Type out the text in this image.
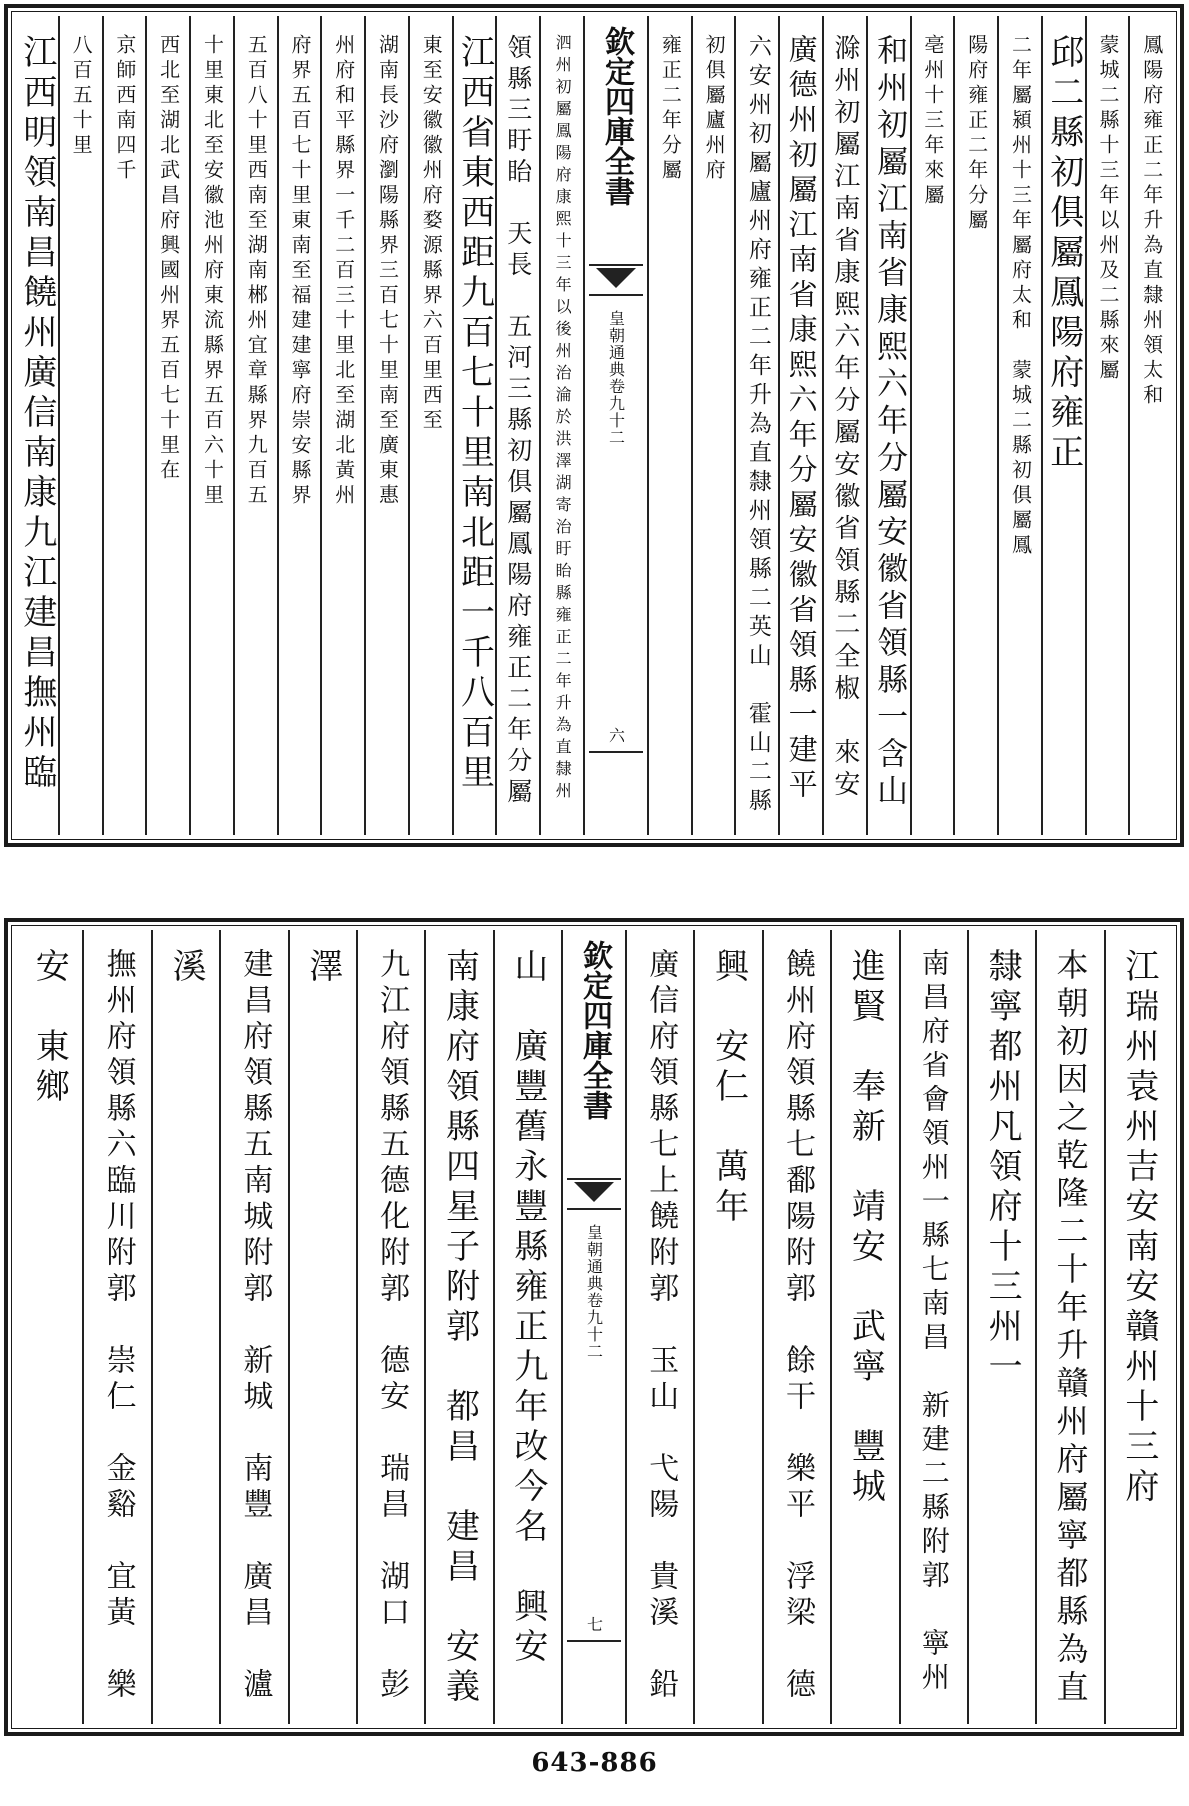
江西明領南昌饒州廣信南康九江建昌撫州臨 八百五十里 京師西南四千 西北至湖北武昌府興國州界五百七十里在 十里東北至安徽池州府東流縣界五百六十里 五百八十里西南至湖南郴州宜章縣界九百五 府界五百七十里東南至福建建寧府崇安縣界 州府和平縣界一千二百三十里北至湖北黃州 湖南長沙府瀏陽縣界三百七十里南至廣東惠 東至安徽徽州府婺源縣界六百里西至 江西省東西距九百七十里南北距一千八百里 領縣三盱眙　天長　五河三縣初俱屬鳳陽府雍正二年分屬 泗州初屬鳳陽府康熙十三年以後州治淪於洪澤湖寄治盱眙縣雍正二年升為直隸州 欽定四庫全書
皇朝通典卷九十二
六
雍正二年分屬 初俱屬廬州府 六安州初屬廬州府雍正二年升為直隸州領縣二英山　霍山二縣 廣德州初屬江南省康熙六年分屬安徽省領縣一建平 滁州初屬江南省康熙六年分屬安徽省領縣二全椒　來安 和州初屬江南省康熙六年分屬安徽省領縣一含山 亳州十三年來屬 陽府雍正二年分屬 二年屬潁州十三年屬府太和　蒙城二縣初俱屬鳳 邱二縣初俱屬鳳陽府雍正 蒙城二縣十三年以州及二縣來屬 鳳陽府雍正二年升為直隸州領太和
安　東鄉 撫州府領縣六臨川附郭　崇仁　金谿　宜黃　樂 溪 建昌府領縣五南城附郭　新城　南豐　廣昌　瀘 澤 九江府領縣五德化附郭　德安　瑞昌　湖口　彭 南康府領縣四星子附郭　都昌　建昌　安義 山　廣豐舊永豐縣雍正九年改今名　興安 欽定四庫全書
皇朝通典卷九十二
七 廣信府領縣七上饒附郭　玉山　弋陽　貴溪　鉛 興　安仁　萬年 饒州府領縣七鄱陽附郭　餘干　樂平　浮梁　德 進賢　奉新　靖安　武寧　豐城 南昌府省會領州一縣七南昌　新建二縣附郭　寧州 隸寧都州凡領府十三州一 本朝初因之乾隆二十年升贛州府屬寧都縣為直 江瑞州袁州吉安南安贛州十三府
643-886
